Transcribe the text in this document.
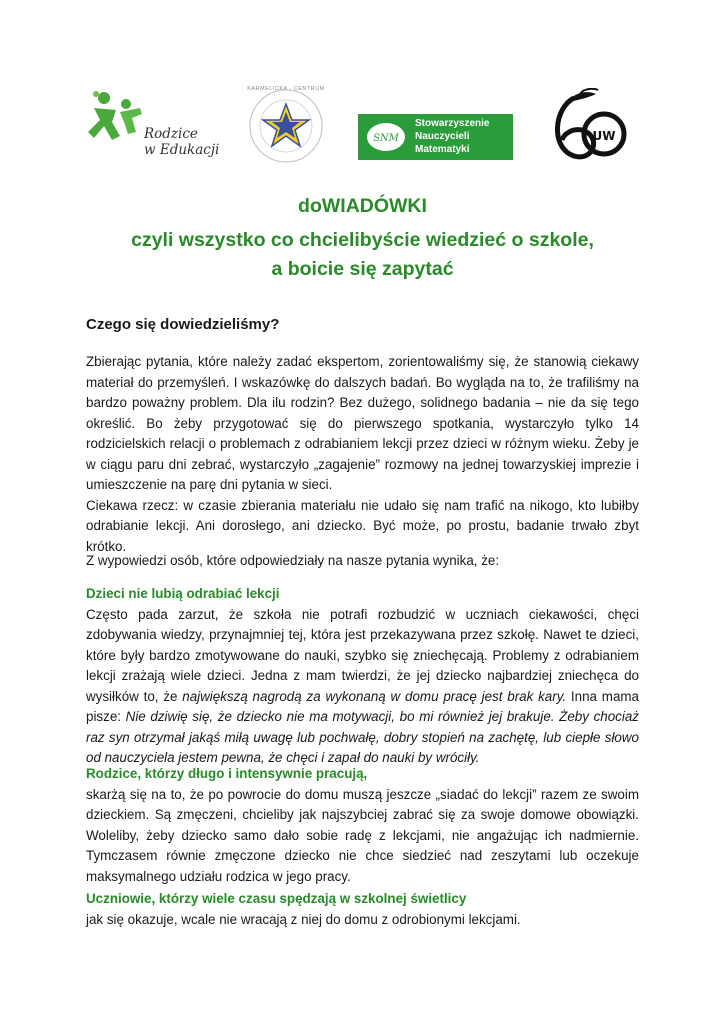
Rodzice
w Edukacji
KARMELICKA · CENTRUM
SNM
Stowarzyszenie
Nauczycieli
Matematyki
UW
doWIADÓWKI
czyli wszystko co chcielibyście wiedzieć o szkole,
a boicie się zapytać
Czego się dowiedzieliśmy?

Zbierając pytania, które należy zadać ekspertom, zorientowaliśmy się, że stanowią ciekawy materiał do przemyśleń. I wskazówkę do dalszych badań. Bo wygląda na to, że trafiliśmy na bardzo poważny problem. Dla ilu rodzin? Bez dużego, solidnego badania – nie da się tego określić. Bo żeby przygotować się do pierwszego spotkania, wystarczyło tylko 14 rodzicielskich relacji o problemach z odrabianiem lekcji przez dzieci w różnym wieku. Żeby je w ciągu paru dni zebrać, wystarczyło „zagajenie” rozmowy na jednej towarzyskiej imprezie i umieszczenie na parę dni pytania w sieci.

Ciekawa rzecz: w czasie zbierania materiału nie udało się nam trafić na nikogo, kto lubiłby odrabianie lekcji. Ani dorosłego, ani dziecko. Być może, po prostu, badanie trwało zbyt krótko.

Z wypowiedzi osób, które odpowiedziały na nasze pytania wynika, że:
Dzieci nie lubią odrabiać lekcji

Często pada zarzut, że szkoła nie potrafi rozbudzić w uczniach ciekawości, chęci zdobywania wiedzy, przynajmniej tej, która jest przekazywana przez szkołę. Nawet te dzieci, które były bardzo zmotywowane do nauki, szybko się zniechęcają. Problemy z odrabianiem lekcji zrażają wiele dzieci. Jedna z mam twierdzi, że jej dziecko najbardziej zniechęca do wysiłków to, że największą nagrodą za wykonaną w domu pracę jest brak kary. Inna mama pisze: Nie dziwię się, że dziecko nie ma motywacji, bo mi również jej brakuje. Żeby chociaż raz syn otrzymał jakąś miłą uwagę lub pochwałę, dobry stopień na zachętę, lub ciepłe słowo od nauczyciela jestem pewna, że chęci i zapał do nauki by wróciły.

Rodzice, którzy długo i intensywnie pracują,

skarżą się na to, że po powrocie do domu muszą jeszcze „siadać do lekcji” razem ze swoim dzieckiem. Są zmęczeni, chcieliby jak najszybciej zabrać się za swoje domowe obowiązki. Woleliby, żeby dziecko samo dało sobie radę z lekcjami, nie angażując ich nadmiernie. Tymczasem równie zmęczone dziecko nie chce siedzieć nad zeszytami lub oczekuje maksymalnego udziału rodzica w jego pracy.

Uczniowie, którzy wiele czasu spędzają w szkolnej świetlicy

jak się okazuje, wcale nie wracają z niej do domu z odrobionymi lekcjami.
